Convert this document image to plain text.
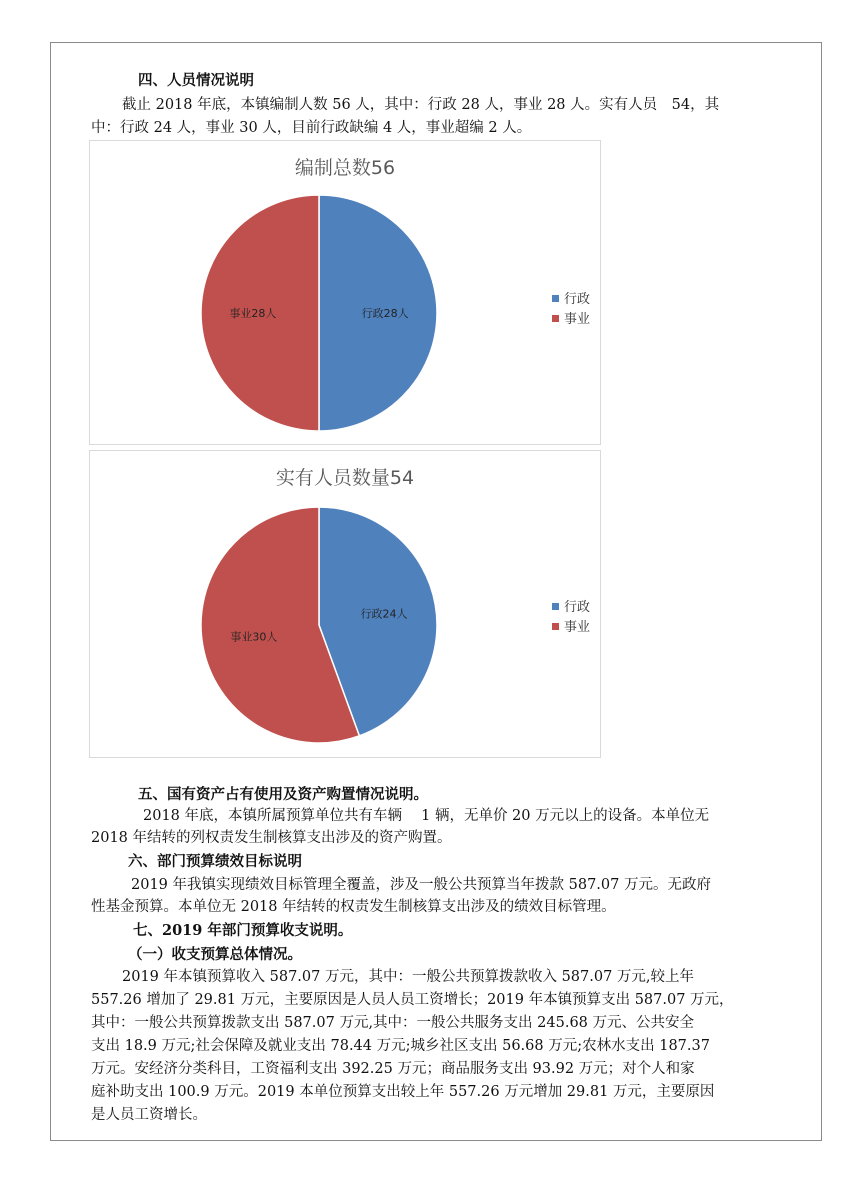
四、人员情况说明
截止 2018 年底，本镇编制人数 56 人，其中：行政 28 人，事业 28 人。实有人员　54，其
中：行政 24 人，事业 30 人，目前行政缺编 4 人，事业超编 2 人。
编制总数56
行政28人
事业28人
行政
事业
实有人员数量54
行政24人
事业30人
行政
事业
五、国有资产占有使用及资产购置情况说明。
2018 年底，本镇所属预算单位共有车辆　 1 辆，无单价 20 万元以上的设备。本单位无
2018 年结转的列权责发生制核算支出涉及的资产购置。
六、部门预算绩效目标说明
2019 年我镇实现绩效目标管理全覆盖，涉及一般公共预算当年拨款 587.07 万元。无政府
性基金预算。本单位无 2018 年结转的权责发生制核算支出涉及的绩效目标管理。
七、2019 年部门预算收支说明。
（一）收支预算总体情况。
2019 年本镇预算收入 587.07 万元，其中：一般公共预算拨款收入 587.07 万元,较上年
557.26 增加了 29.81 万元，主要原因是人员人员工资增长；2019 年本镇预算支出 587.07 万元，
其中：一般公共预算拨款支出 587.07 万元,其中：一般公共服务支出 245.68 万元、公共安全
支出 18.9 万元;社会保障及就业支出 78.44 万元;城乡社区支出 56.68 万元;农林水支出 187.37
万元。安经济分类科目，工资福利支出 392.25 万元；商品服务支出 93.92 万元；对个人和家
庭补助支出 100.9 万元。2019 本单位预算支出较上年 557.26 万元增加 29.81 万元，主要原因
是人员工资增长。
